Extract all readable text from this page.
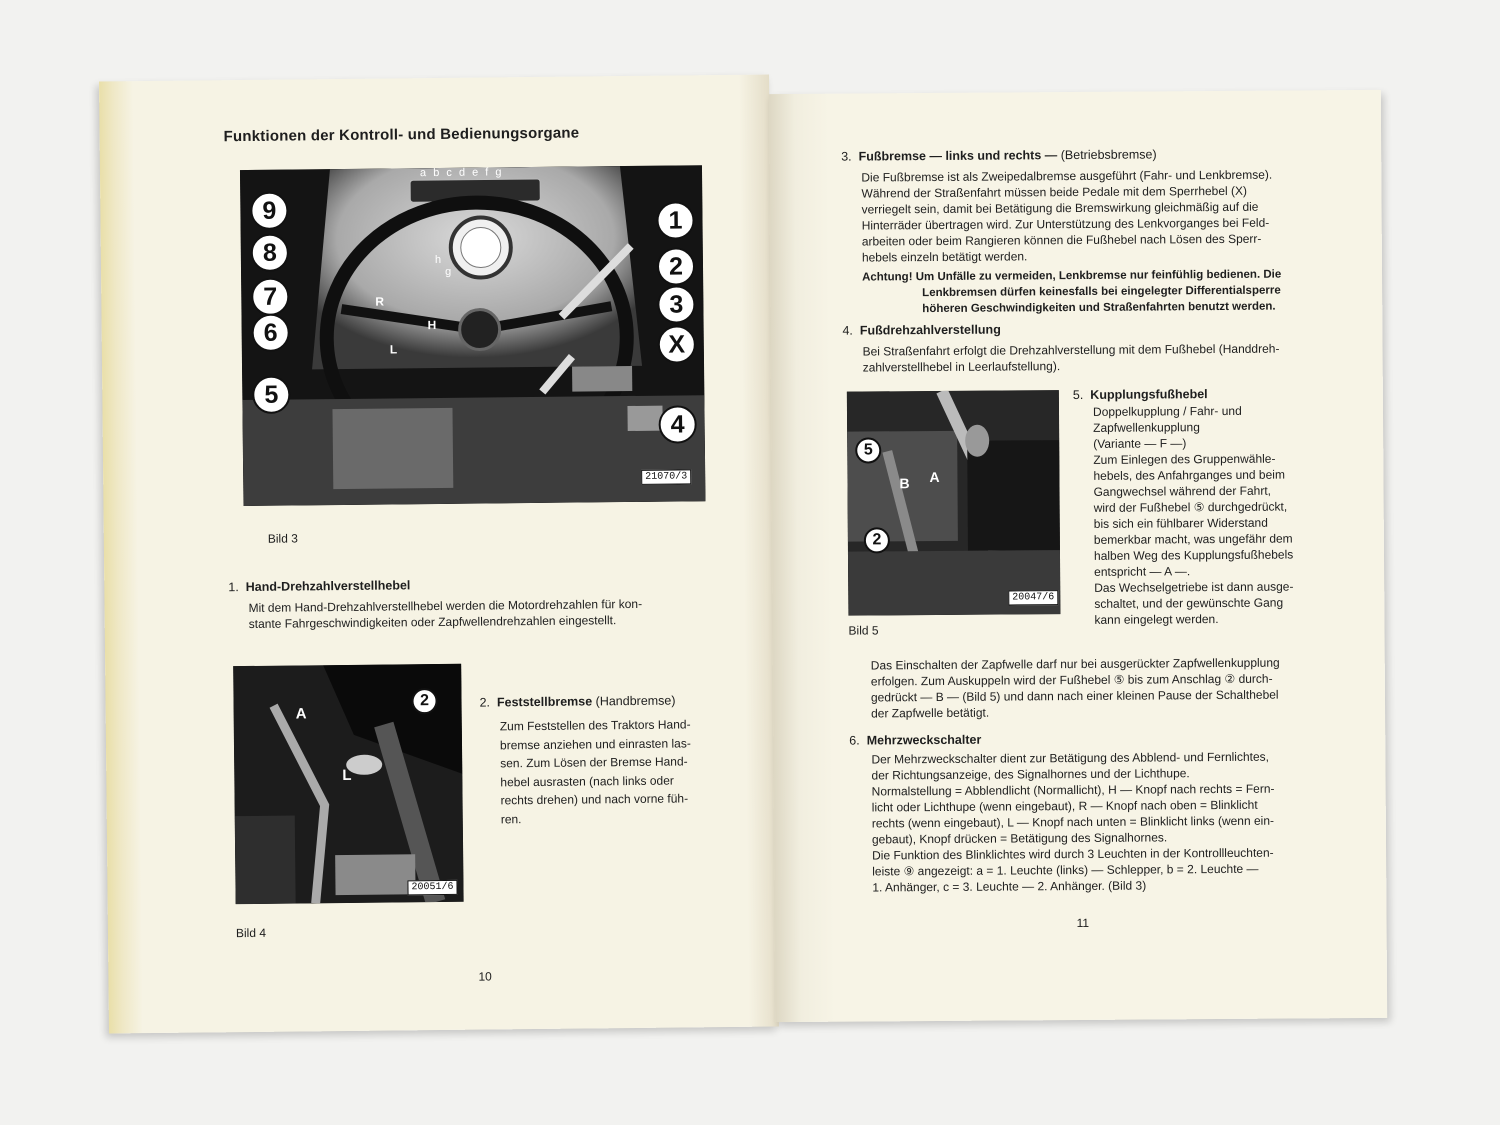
Funktionen der Kontroll- und Bedienungsorgane
a b c d e f g
9
8
7
6
5
1
2
3
X
4
R
H
L
h
g
21070/3
Bild 3
1. Hand-Drehzahlverstellhebel
Mit dem Hand-Drehzahlverstellhebel werden die Motordrehzahlen für kon-
stante Fahrgeschwindigkeiten oder Zapfwellendrehzahlen eingestellt.
2
A
L
20051/6
Bild 4
2. Feststellbremse (Handbremse)
Zum Feststellen des Traktors Hand-
bremse anziehen und einrasten las-
sen. Zum Lösen der Bremse Hand-
hebel ausrasten (nach links oder
rechts drehen) und nach vorne füh-
ren.
10
3. Fußbremse — links und rechts — (Betriebsbremse)
Die Fußbremse ist als Zweipedalbremse ausgeführt (Fahr- und Lenkbremse).
Während der Straßenfahrt müssen beide Pedale mit dem Sperrhebel (X)
verriegelt sein, damit bei Betätigung die Bremswirkung gleichmäßig auf die
Hinterräder übertragen wird. Zur Unterstützung des Lenkvorganges bei Feld-
arbeiten oder beim Rangieren können die Fußhebel nach Lösen des Sperr-
hebels einzeln betätigt werden.
Achtung! Um Unfälle zu vermeiden, Lenkbremse nur feinfühlig bedienen. Die
Lenkbremsen dürfen keinesfalls bei eingelegter Differentialsperre
höheren Geschwindigkeiten und Straßenfahrten benutzt werden.
4. Fußdrehzahlverstellung
Bei Straßenfahrt erfolgt die Drehzahlverstellung mit dem Fußhebel (Handdreh-
zahlverstellhebel in Leerlaufstellung).
5
2
B A
20047/6
Bild 5
5. Kupplungsfußhebel
Doppelkupplung / Fahr- und
Zapfwellenkupplung
(Variante — F —)
Zum Einlegen des Gruppenwähle-
hebels, des Anfahrganges und beim
Gangwechsel während der Fahrt,
wird der Fußhebel ⑤ durchgedrückt,
bis sich ein fühlbarer Widerstand
bemerkbar macht, was ungefähr dem
halben Weg des Kupplungsfußhebels
entspricht — A —.
Das Wechselgetriebe ist dann ausge-
schaltet, und der gewünschte Gang
kann eingelegt werden.
Das Einschalten der Zapfwelle darf nur bei ausgerückter Zapfwellenkupplung
erfolgen. Zum Auskuppeln wird der Fußhebel ⑤ bis zum Anschlag ② durch-
gedrückt — B — (Bild 5) und dann nach einer kleinen Pause der Schalthebel
der Zapfwelle betätigt.
6. Mehrzweckschalter
Der Mehrzweckschalter dient zur Betätigung des Abblend- und Fernlichtes,
der Richtungsanzeige, des Signalhornes und der Lichthupe.
Normalstellung = Abblendlicht (Normallicht), H — Knopf nach rechts = Fern-
licht oder Lichthupe (wenn eingebaut), R — Knopf nach oben = Blinklicht
rechts (wenn eingebaut), L — Knopf nach unten = Blinklicht links (wenn ein-
gebaut), Knopf drücken = Betätigung des Signalhornes.
Die Funktion des Blinklichtes wird durch 3 Leuchten in der Kontrollleuchten-
leiste ⑨ angezeigt: a = 1. Leuchte (links) — Schlepper, b = 2. Leuchte —
1. Anhänger, c = 3. Leuchte — 2. Anhänger. (Bild 3)
11
